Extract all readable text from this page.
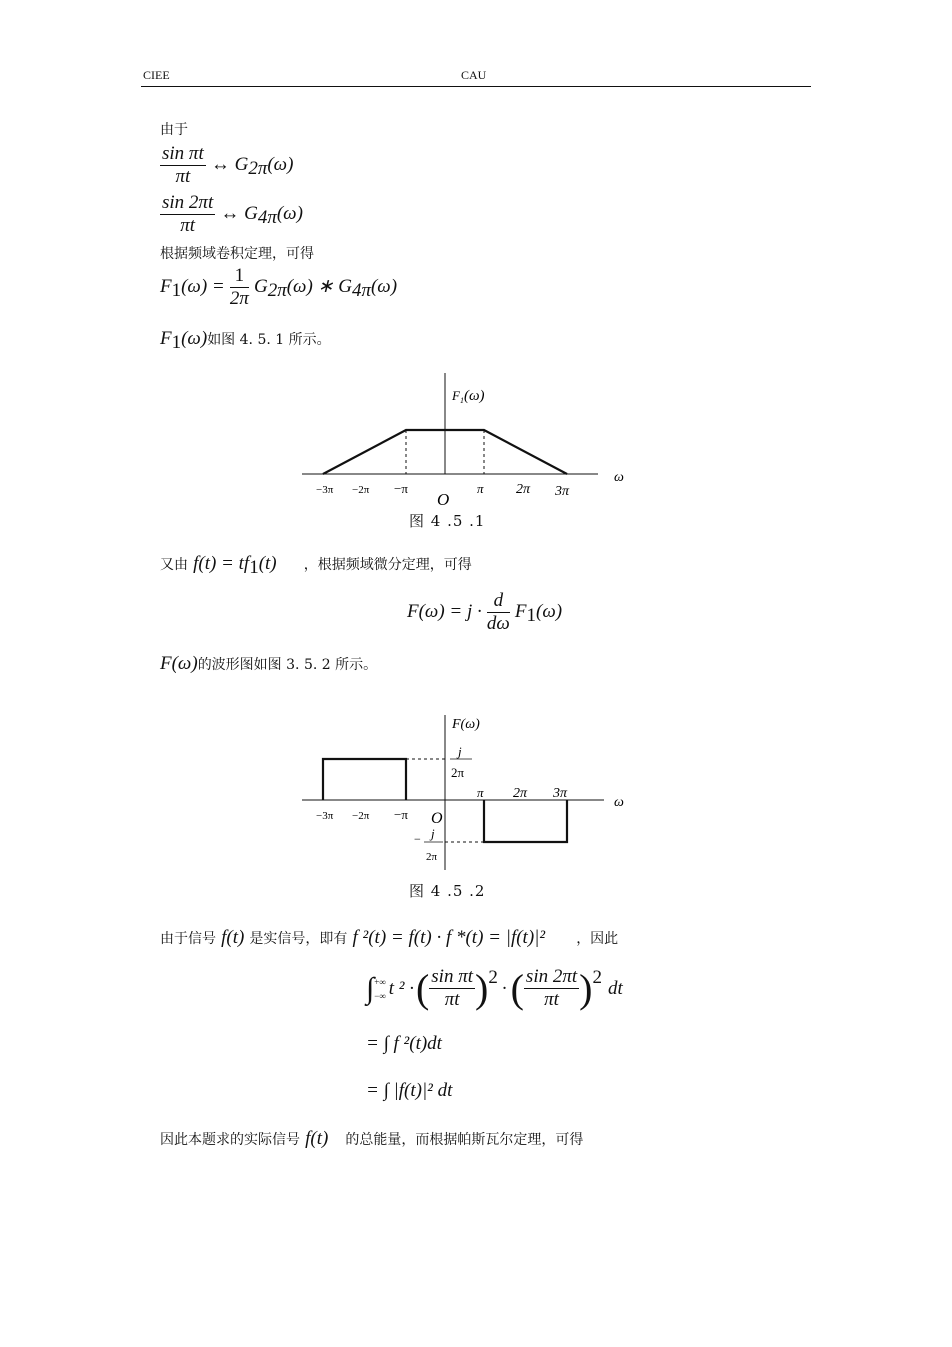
CIEE	CAU
由于
$\frac{\text{sin πt}}{\pi t}$ ↔ $G_{2\pi}(\omega)$
$\frac{\sin 2\pi t}{\pi t}$ ↔ $G_{4\pi}(\omega)$
根据频域卷积定理，可得
$F_1(\omega) = \frac{1}{2\pi} G_{2\pi}(\omega)$ ∗ $G_{4\pi}(\omega)$
$F_1(\omega)$如图 4. 5. 1 所示。
$F_1(\omega)$
ω
O
−3π −2π −π	π 2π 3π
图 4 .5 .1
又由 $f(t) = tf_1(t)$ ，根据频域微分定理，可得
$F(\omega) = j \cdot \frac{d}{d\omega} F_1(\omega)$
F(ω)的波形图如图 3. 5. 2 所示。
F(ω)
j
2π
ω
π 2π 3π
−3π −2π −π O
− j
2π
图 4 .5 .2
由于信号 f(t) 是实信号，即有 f ²(t) = f(t) · f *(t) = |f(t)|² ，因此
∫ +∞
−∞ t ² · ( $\frac{\text{sin πt}}{\pi t}$ ) 2 · ( $\frac{\sin 2\pi t}{\pi t}$ ) 2 dt
= ∫ f ²(t)dt
= ∫ |f(t)|² dt
因此本题求的实际信号 f(t) 的总能量，而根据帕斯瓦尔定理，可得
